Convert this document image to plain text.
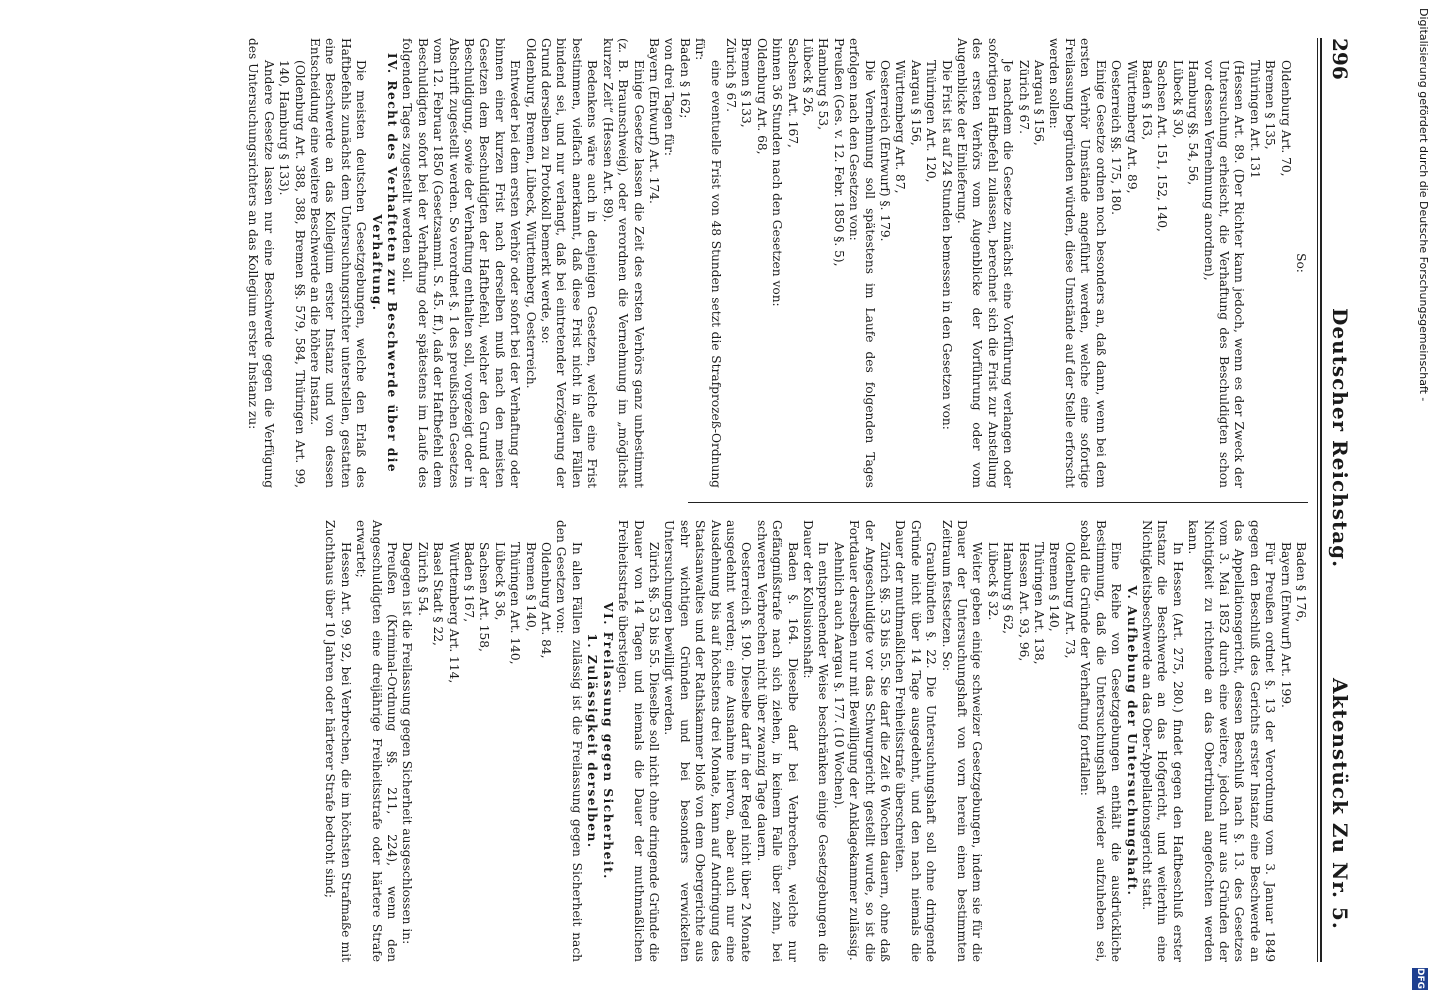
296
Deutscher Reichstag.
Aktenstück Zu Nr. 5.

So:

Oldenburg Art. 70,
Bremen § 135,
Thüringen Art. 131
(Hessen Art. 89. (Der Richter kann jedoch, wenn es der Zweck der Untersuchung erheischt, die Verhaftung des Beschuldigten schon vor dessen Vernehmung anordnen),
Hamburg §§. 54, 56,
Lübeck § 30,
Sachsen Art. 151, 152, 140,
Baden § 163,
Württemberg Art. 89,
Oesterreich §§. 175, 180.

Einige Gesetze ordnen noch besonders an, daß dann, wenn bei dem ersten Verhör Umstände angeführt werden, welche eine sofortige Freilassung begründen würden, diese Umstände auf der Stelle erforscht werden sollen:

Aargau § 156,
Zürich § 67.

Je nachdem die Gesetze zunächst eine Vorführung verlangen oder sofortigen Haftbefehl zulassen, berechnet sich die Frist zur Anstellung des ersten Verhörs vom Augenblicke der Vorführung oder vom Augenblicke der Einlieferung.

Die Frist ist auf 24 Stunden bemessen in den Gesetzen von:

Thüringen Art. 120,
Aargau § 156,
Württemberg Art. 87,
Oesterreich (Entwurf) §. 179.

Die Vernehmung soll spätestens im Laufe des folgenden Tages erfolgen nach den Gesetzen von:
Preußen (Ges. v. 12. Febr. 1850 §. 5),
Hamburg § 53,
Lübeck § 26,
Sachsen Art. 167,
binnen 36 Stunden nach den Gesetzen von:
Oldenburg Art. 68,
Bremen § 133,
Zürich § 67.

eine eventuelle Frist von 48 Stunden setzt die Strafprozeß-Ordnung für:
Baden § 162;
von drei Tagen für:
Bayern (Entwurf) Art. 174.

Einige Gesetze lassen die Zeit des ersten Verhörs ganz unbestimmt (z. B. Braunschweig), oder verordnen die Vernehmung im „möglichst kurzer Zeit“ (Hessen Art. 89).

Bedenkens wäre auch in denjenigen Gesetzen, welche eine Frist bestimmen, vielfach anerkannt, daß diese Frist nicht in allen Fällen bindend sei, und nur verlangt, daß bei eintretender Verzögerung der Grund derselben zu Protokoll bemerkt werde, so:
Oldenburg, Bremen, Lübeck, Württemberg, Oesterreich.

Entweder bei dem ersten Verhör oder sofort bei der Verhaftung oder binnen einer kurzen Frist nach derselben muß nach den meisten Gesetzen dem Beschuldigten der Haftbefehl, welcher den Grund der Beschuldigung, sowie der Verhaftung enthalten soll, vorgezeigt oder in Abschrift zugestellt werden. So verordnet §. 1 des preußischen Gesetzes vom 12. Februar 1850 (Gesetzsamml. S. 45. ff.), daß der Haftbefehl dem Beschuldigten sofort bei der Verhaftung oder spätestens im Laufe des folgenden Tages zugestellt werden soll.

IV. Recht des Verhafteten zur Beschwerde über die Verhaftung.

Die meisten deutschen Gesetzgebungen, welche den Erlaß des Haftbefehls zunächst dem Untersuchungsrichter unterstellen, gestatten eine Beschwerde an das Kollegium erster Instanz und von dessen Entscheidung eine weitere Beschwerde an die höhere Instanz.

(Oldenburg Art. 388, 388, Bremen §§. 579, 584, Thüringen Art. 99, 140, Hamburg § 133).

Andere Gesetze lassen nur eine Beschwerde gegen die Verfügung des Untersuchungsrichters an das Kollegium erster Instanz zu:

Baden § 176,
Bayern (Entwurf) Art. 199.

Für Preußen ordnet §. 13 der Verordnung vom 3. Januar 1849 gegen den Beschluß des Gerichts erster Instanz eine Beschwerde an das Appellationsgericht, dessen Beschluß nach §. 13. des Gesetzes vom 3. Mai 1852 durch eine weitere, jedoch nur aus Gründen der Nichtigkeit zu richtende an das Obertribunal angefochten werden kann.

In Hessen (Art. 275, 280.) findet gegen den Haftbeschluß erster Instanz die Beschwerde an das Hofgericht, und weiterhin eine Nichtigkeitsbeschwerde an das Ober-Appellationsgericht statt.

V. Aufhebung der Untersuchungshaft.

Eine Reihe von Gesetzgebungen enthält die ausdrückliche Bestimmung, daß die Untersuchungshaft wieder aufzuheben sei, sobald die Gründe der Verhaftung fortfallen:

Oldenburg Art. 73,
Bremen § 140,
Thüringen Art. 138,
Hessen Art. 93, 96,
Hamburg § 62,
Lübeck § 32.

Weiter geben einige schweizer Gesetzgebungen, indem sie für die Dauer der Untersuchungshaft von vorn herein einen bestimmten Zeitraum festsetzen. So:

Graubündten §. 22. Die Untersuchungshaft soll ohne dringende Gründe nicht über 14 Tage ausgedehnt, und den nach niemals die Dauer der muthmaßlichen Freiheitsstrafe überschreiten.

Zürich §§. 53 bis 55. Sie darf die Zeit 6 Wochen dauern, ohne daß der Angeschuldigte vor das Schwurgericht gestellt wurde, so ist die Fortdauer derselben nur mit Bewilligung der Anklagekammer zulässig.

Aehnlich auch Aargau §. 177. (10 Wochen).

In entsprechender Weise beschränken einige Gesetzgebungen die Dauer der Kollusionshaft:

Baden §. 164. Dieselbe darf bei Verbrechen, welche nur Gefängnißstrafe nach sich ziehen, in keinem Falle über zehn, bei schweren Verbrechen nicht über zwanzig Tage dauern.

Oesterreich §. 190. Dieselbe darf in der Regel nicht über 2 Monate ausgedehnt werden; eine Ausnahme hiervon, aber auch nur eine Ausdehnung bis auf höchstens drei Monate, kann auf Andringung des Staatsanwaltes und der Rathskammer bloß von dem Obergerichte aus sehr wichtigen Gründen und bei besonders verwickelten Untersuchungen bewilligt werden.

Zürich §§. 53 bis 55. Dieselbe soll nicht ohne dringende Gründe die Dauer von 14 Tagen und niemals die Dauer der muthmaßlichen Freiheitsstrafe übersteigen.

VI. Freilassung gegen Sicherheit.

1. Zulässigkeit derselben.

In allen Fällen zulässig ist die Freilassung gegen Sicherheit nach den Gesetzen von:

Oldenburg Art. 84,
Bremen § 140,
Thüringen Art. 140,
Lübeck § 36,
Sachsen Art. 158,
Baden § 167,
Württemberg Art. 114,
Basel Stadt § 22,
Zürich § 54.

Dagegen ist die Freilassung gegen Sicherheit ausgeschlossen in:

Preußen (Kriminal-Ordnung §§. 211, 224), wenn den Angeschuldigten eine dreijährige Freiheitsstrafe oder härtere Strafe erwartet;

Hessen Art. 99, 92, bei Verbrechen, die im höchsten Strafmaße mit Zuchthaus über 10 Jahren oder härterer Strafe bedroht sind;

Digitalisierung gefördert durch die Deutsche Forschungsgemeinschaft -
DFG
